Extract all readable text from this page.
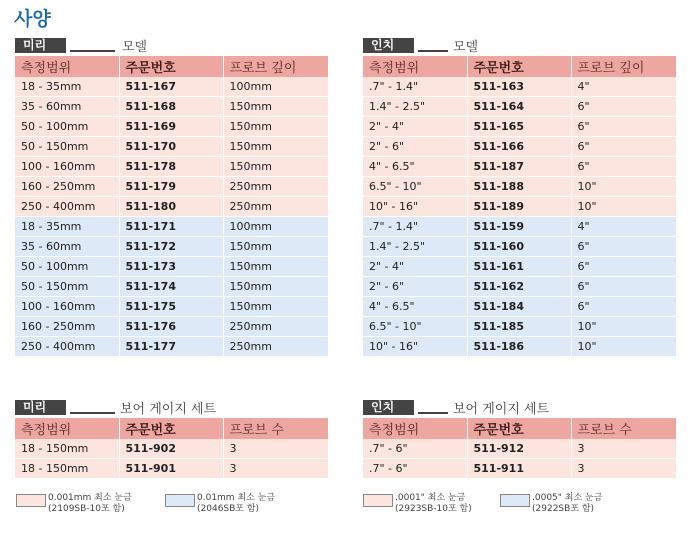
사양
미리	모델
측정범위	주문번호	프로브 깊이
18 - 35mm	511-167	100mm
35 - 60mm	511-168	150mm
50 - 100mm	511-169	150mm
50 - 150mm	511-170	150mm
100 - 160mm	511-178	150mm
160 - 250mm	511-179	250mm
250 - 400mm	511-180	250mm
18 - 35mm	511-171	100mm
35 - 60mm	511-172	150mm
50 - 100mm	511-173	150mm
50 - 150mm	511-174	150mm
100 - 160mm	511-175	150mm
160 - 250mm	511-176	250mm
250 - 400mm	511-177	250mm
인치	모델
측정범위	주문번호	프로브 깊이
.7" - 1.4"	511-163	4"
1.4" - 2.5"	511-164	6"
2" - 4"	511-165	6"
2" - 6"	511-166	6"
4" - 6.5"	511-187	6"
6.5" - 10"	511-188	10"
10" - 16"	511-189	10"
.7" - 1.4"	511-159	4"
1.4" - 2.5"	511-160	6"
2" - 4"	511-161	6"
2" - 6"	511-162	6"
4" - 6.5"	511-184	6"
6.5" - 10"	511-185	10"
10" - 16"	511-186	10"
미리	보어 게이지 세트
측정범위	주문번호	프로브 수
18 - 150mm	511-902	3
18 - 150mm	511-901	3
인치	보어 게이지 세트
측정범위	주문번호	프로브 수
.7" - 6"	511-912	3
.7" - 6"	511-911	3
0.001mm 최소 눈금
(2109SB-10포 함)
0.01mm 최소 눈금
(2046SB포 함)
.0001" 최소 눈금
(2923SB-10포 함)
.0005" 최소 눈금
(2922SB포 함)
